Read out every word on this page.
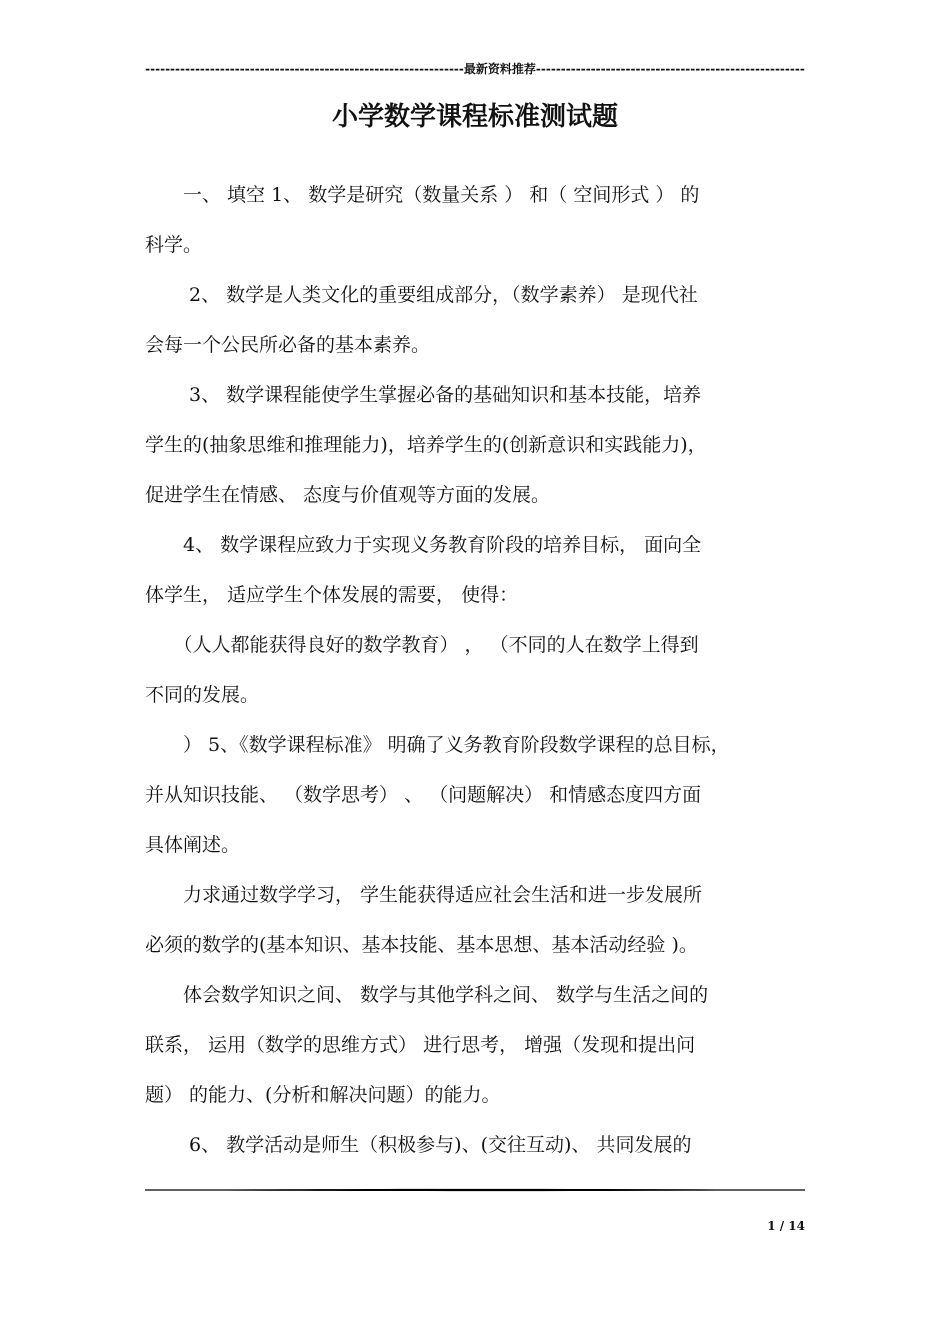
----------------------------------------------------------------最新资料推荐------------------------------------------------------
小学数学课程标准测试题
　　一、 填空 1、 数学是研究（数量关系 ） 和（ 空间形式 ） 的
科学。
　　 2、 数学是人类文化的重要组成部分，（数学素养） 是现代社
会每一个公民所必备的基本素养。
　　 3、 数学课程能使学生掌握必备的基础知识和基本技能，培养
学生的(抽象思维和推理能力)，培养学生的(创新意识和实践能力)，
促进学生在情感、 态度与价值观等方面的发展。
　　4、 数学课程应致力于实现义务教育阶段的培养目标， 面向全
体学生， 适应学生个体发展的需要， 使得：
　　（人人都能获得良好的数学教育） ， （不同的人在数学上得到
不同的发展。
　　） 5、《数学课程标准》 明确了义务教育阶段数学课程的总目标，
并从知识技能、 （数学思考） 、 （问题解决） 和情感态度四方面
具体阐述。
　　力求通过数学学习， 学生能获得适应社会生活和进一步发展所
必须的数学的(基本知识、基本技能、基本思想、基本活动经验 )。
　　体会数学知识之间、 数学与其他学科之间、 数学与生活之间的
联系， 运用（数学的思维方式） 进行思考， 增强（发现和提出问
题） 的能力、(分析和解决问题）的能力。
　　 6、 教学活动是师生（积极参与)、(交往互动)、 共同发展的
1 / 14
